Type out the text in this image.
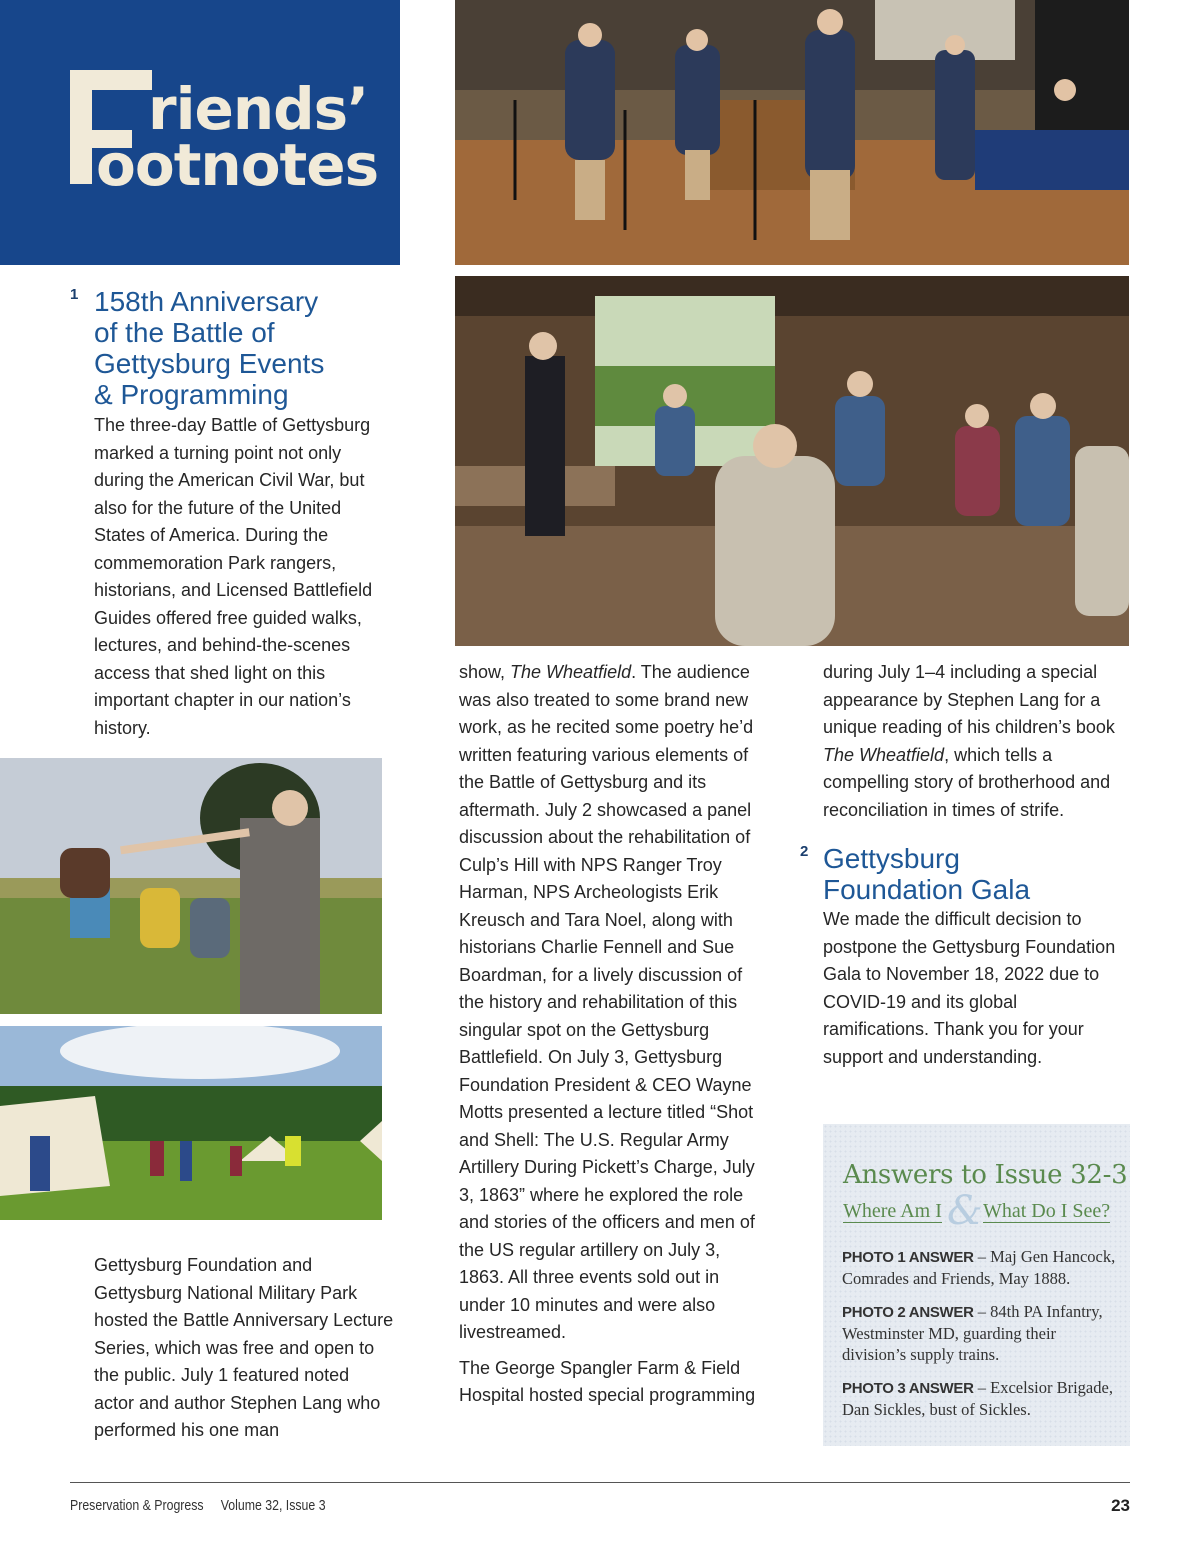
riends’
ootnotes
1 158th Anniversary
of the Battle of
Gettysburg Events
& Programming

The three-day Battle of Gettysburg marked a turning point not only during the American Civil War, but also for the future of the United States of America. During the commemoration Park rangers, historians, and Licensed Battlefield Guides offered free guided walks, lectures, and behind-the-scenes access that shed light on this important chapter in our nation’s history.

Gettysburg Foundation and Gettysburg National Military Park hosted the Battle Anniversary Lecture Series, which was free and open to the public. July 1 featured noted actor and author Stephen Lang who performed his one man

show, The Wheatfield. The audience was also treated to some brand new work, as he recited some poetry he’d written featuring various elements of the Battle of Gettysburg and its aftermath. July 2 showcased a panel discussion about the rehabilitation of Culp’s Hill with NPS Ranger Troy Harman, NPS Archeologists Erik Kreusch and Tara Noel, along with historians Charlie Fennell and Sue Boardman, for a lively discussion of the history and rehabilitation of this singular spot on the Gettysburg Battlefield. On July 3, Gettysburg Foundation President & CEO Wayne Motts presented a lecture titled “Shot and Shell: The U.S. Regular Army Artillery During Pickett’s Charge, July 3, 1863” where he explored the role and stories of the officers and men of the US regular artillery on July 3, 1863. All three events sold out in under 10 minutes and were also livestreamed.

The George Spangler Farm & Field Hospital hosted special programming

during July 1–4 including a special appearance by Stephen Lang for a unique reading of his children’s book The Wheatfield, which tells a compelling story of brotherhood and reconciliation in times of strife.

2 Gettysburg
Foundation Gala

We made the difficult decision to postpone the Gettysburg Foundation Gala to November 18, 2022 due to COVID-19 and its global ramifications. Thank you for your support and understanding.

Answers to Issue 32-3
&
Where Am I What Do I See?
PHOTO 1 ANSWER – Maj Gen Hancock, Comrades and Friends, May 1888.
PHOTO 2 ANSWER – 84th PA Infantry, Westminster MD, guarding their division’s supply trains.
PHOTO 3 ANSWER – Excelsior Brigade, Dan Sickles, bust of Sickles.
Preservation & Progress Volume 32, Issue 3	23
